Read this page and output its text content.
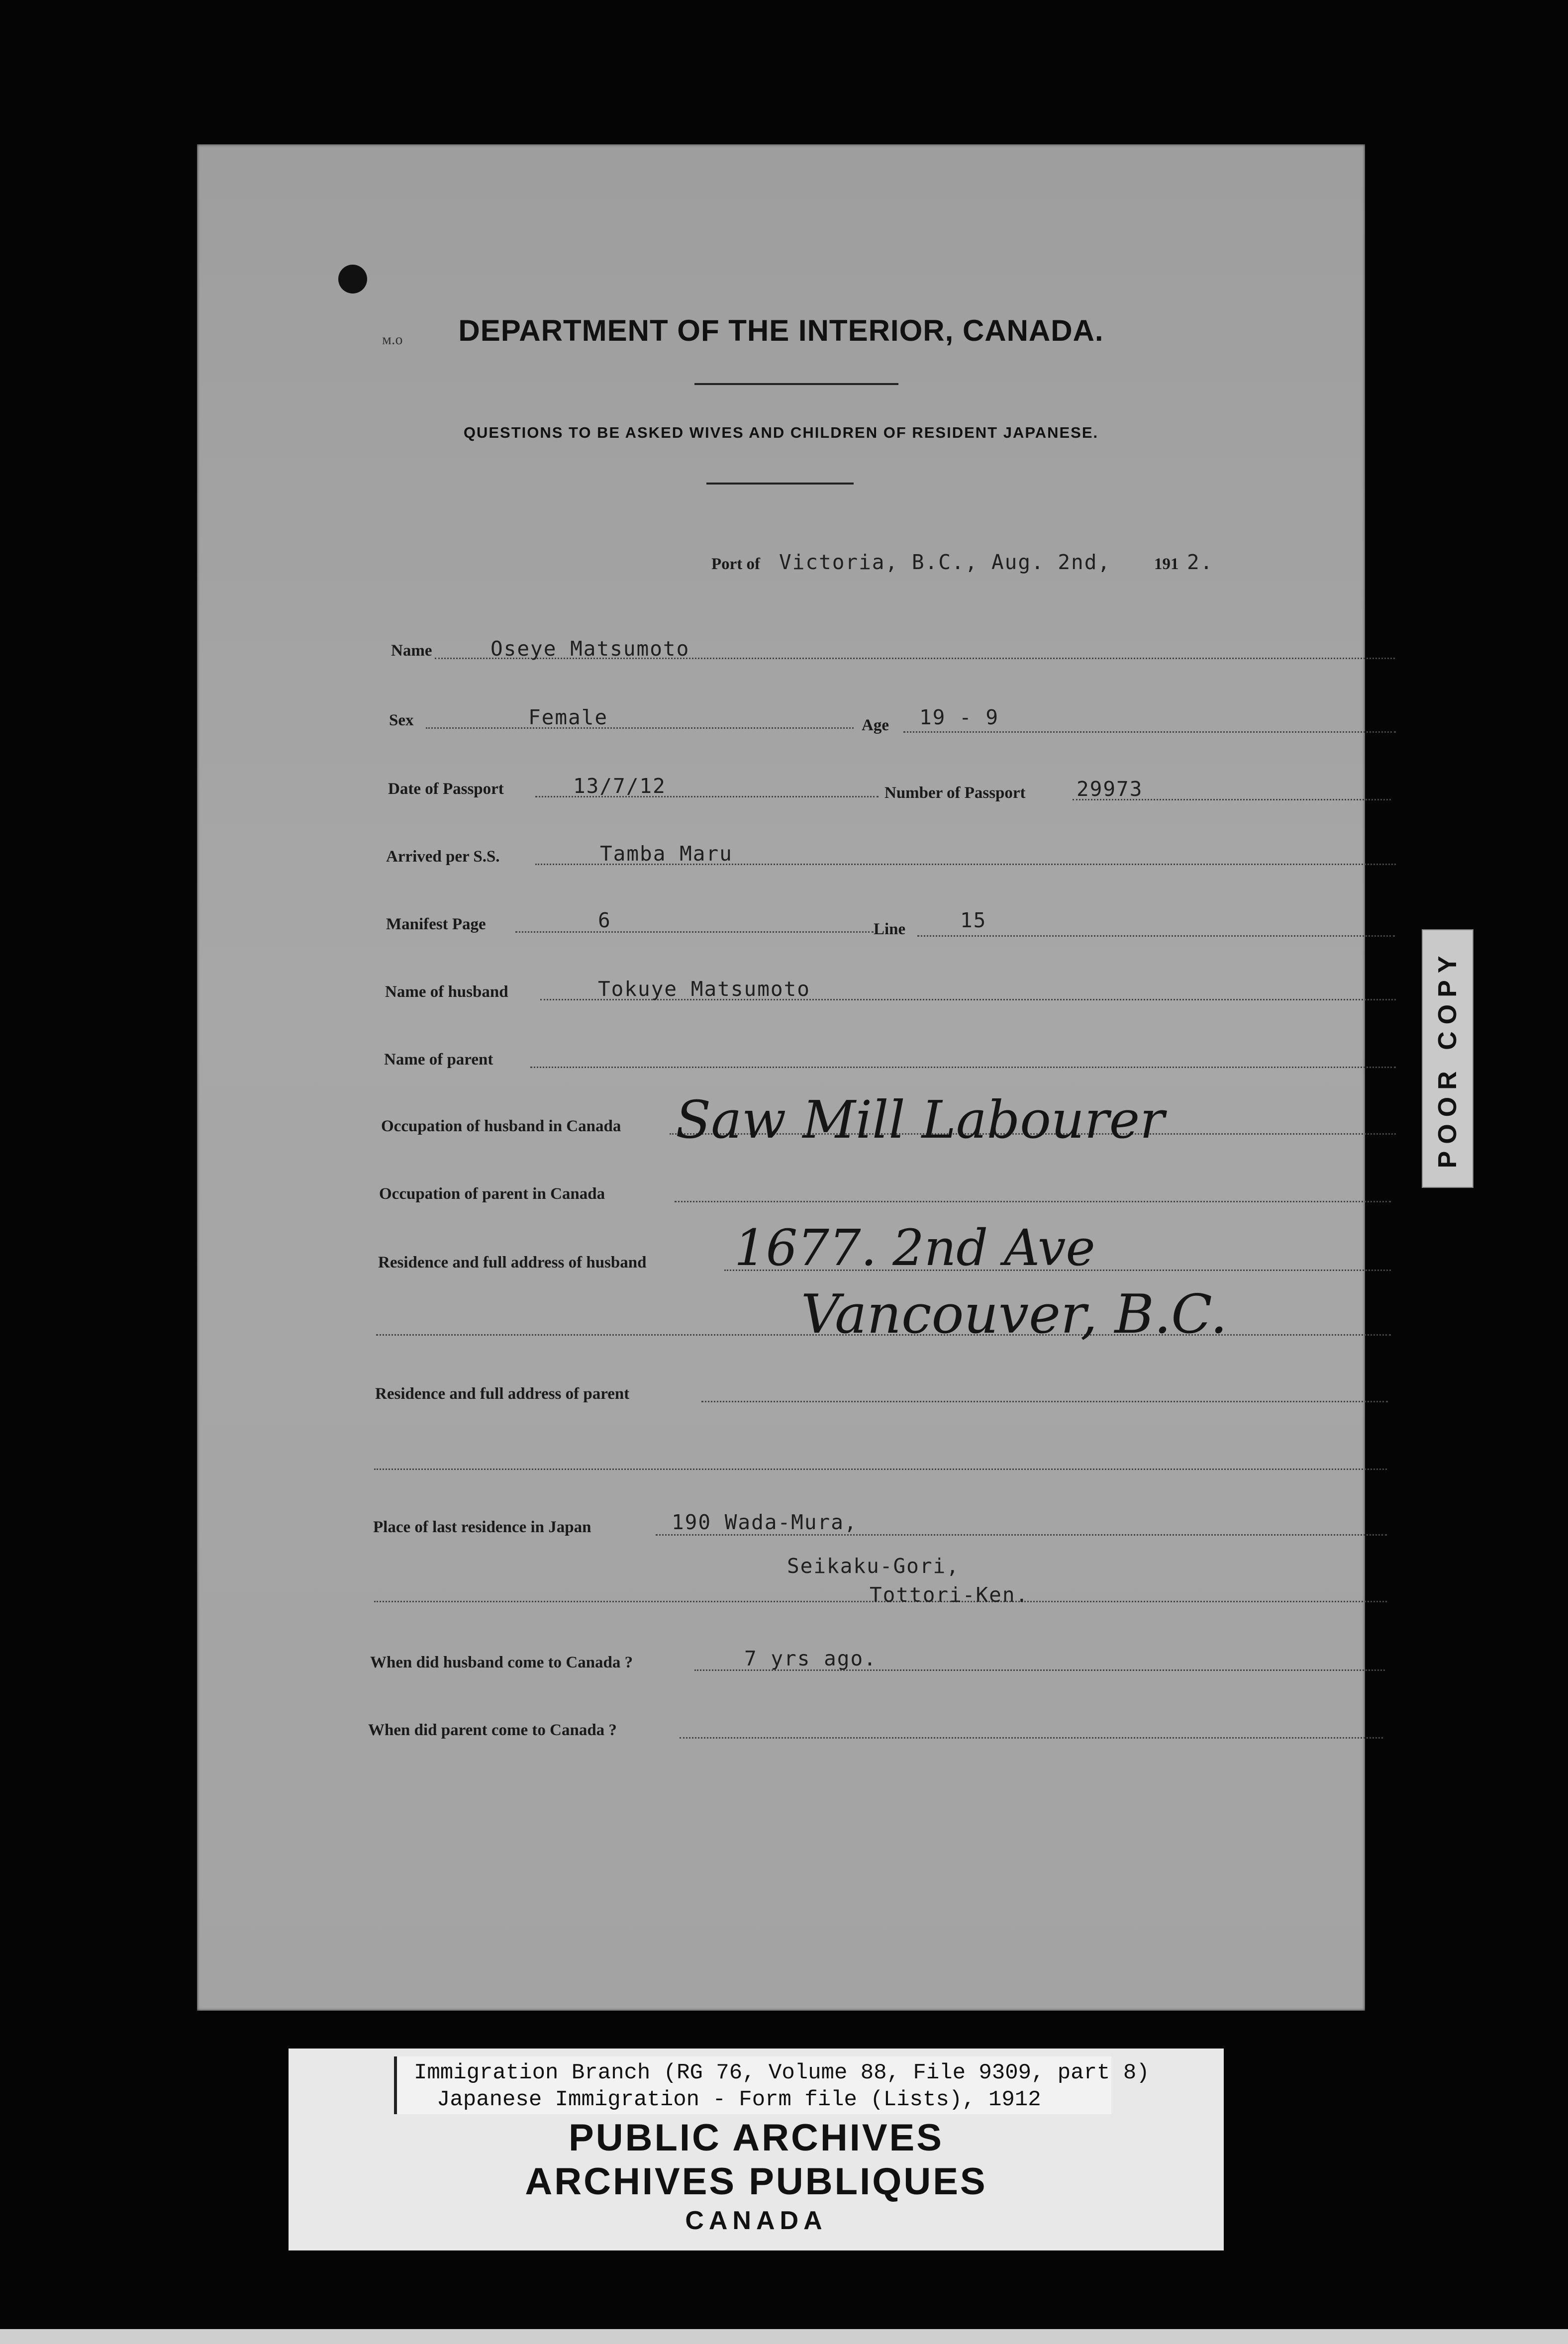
м.о	DEPARTMENT OF THE INTERIOR, CANADA.
QUESTIONS TO BE ASKED WIVES AND CHILDREN OF RESIDENT JAPANESE.
Port of Victoria, B.C., Aug. 2nd,	191 2.
Name	Oseye Matsumoto
Sex	Female	Age 19 - 9
Date of Passport	13/7/12	Number of Passport 29973
Arrived per S.S.	Tamba Maru
Manifest Page	6	Line	15
Name of husband	Tokuye Matsumoto
Name of parent
Occupation of husband in Canada Saw Mill Labourer
Occupation of parent in Canada
Residence and full address of husband 1677. 2nd Ave
Vancouver, B.C.
Residence and full address of parent
Place of last residence in Japan	190 Wada-Mura,
Seikaku-Gori,
Tottori-Ken.
When did husband come to Canada ?	7 yrs ago.
When did parent come to Canada ?
POOR COPY
Immigration Branch (RG 76, Volume 88, File 9309, part 8)
Japanese Immigration - Form file (Lists), 1912
PUBLIC ARCHIVES
ARCHIVES PUBLIQUES
CANADA
